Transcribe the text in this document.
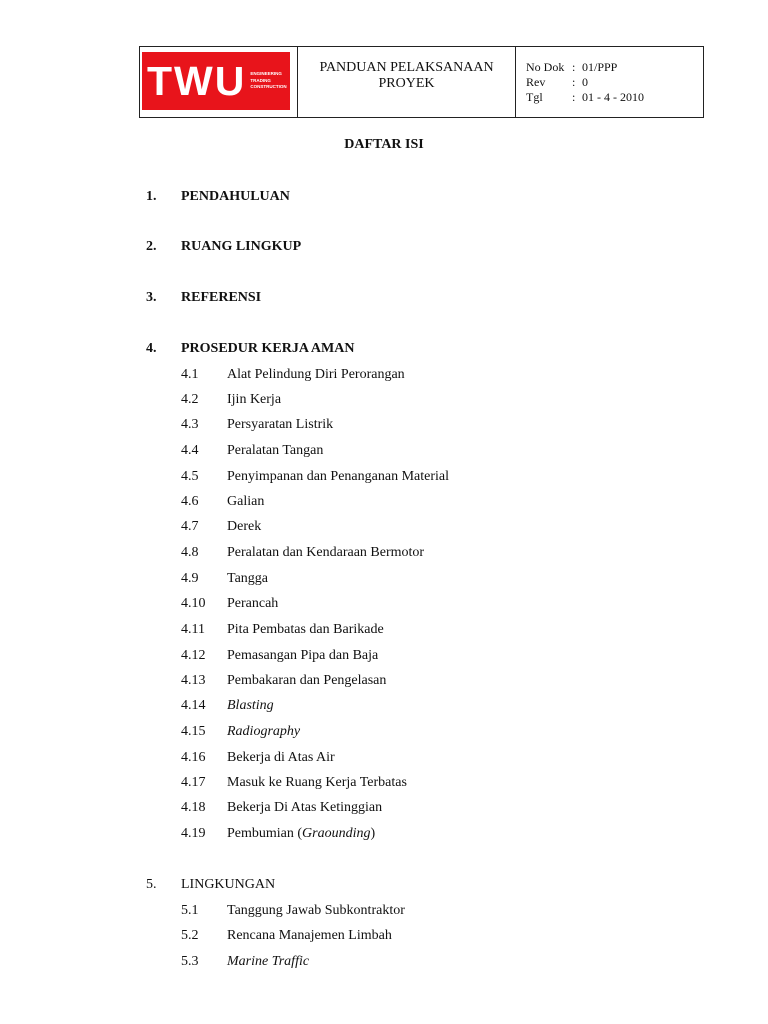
TWU ENGINEERING
TRADING
CONSTRUCTION
PANDUAN PELAKSANAAN
PROYEK
No Dok : 01/PPP
Rev	: 0
Tgl	: 01 - 4 - 2010
DAFTAR ISI
1. PENDAHULUAN
2. RUANG LINGKUP
3. REFERENSI
4. PROSEDUR KERJA AMAN
4.1 Alat Pelindung Diri Perorangan
4.2 Ijin Kerja
4.3 Persyaratan Listrik
4.4 Peralatan Tangan
4.5 Penyimpanan dan Penanganan Material
4.6 Galian
4.7 Derek
4.8 Peralatan dan Kendaraan Bermotor
4.9 Tangga
4.10 Perancah
4.11 Pita Pembatas dan Barikade
4.12 Pemasangan Pipa dan Baja
4.13 Pembakaran dan Pengelasan
4.14 Blasting
4.15 Radiography
4.16 Bekerja di Atas Air
4.17 Masuk ke Ruang Kerja Terbatas
4.18 Bekerja Di Atas Ketinggian
4.19 Pembumian (Graounding)
5. LINGKUNGAN
5.1 Tanggung Jawab Subkontraktor
5.2 Rencana Manajemen Limbah
5.3 Marine Traffic
